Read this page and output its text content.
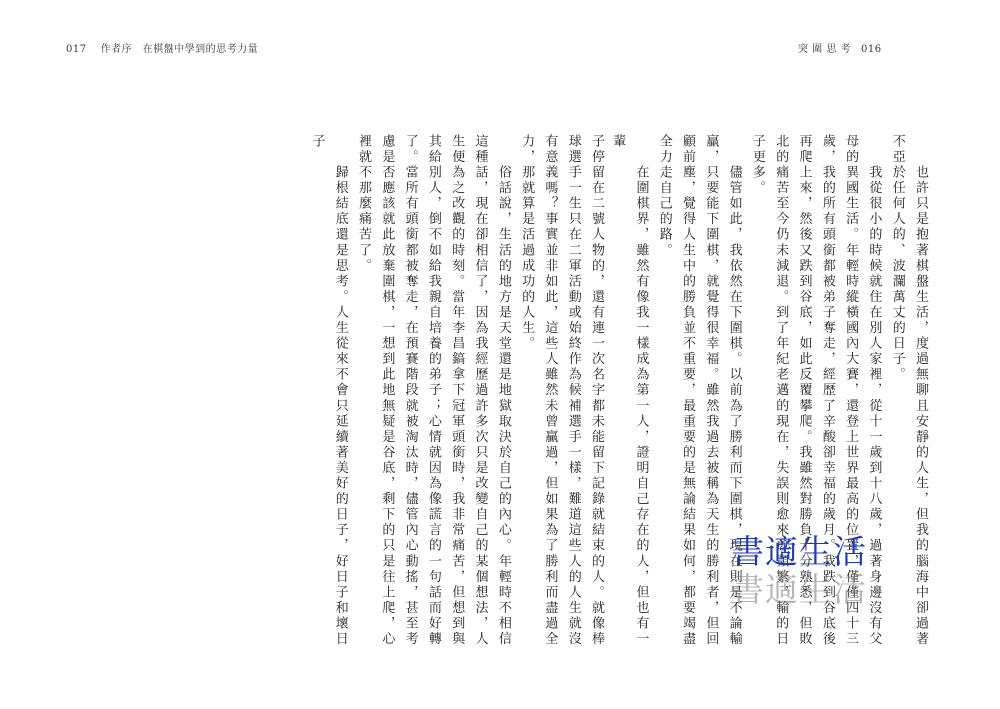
017 作者序　在棋盤中學到的思考力量	突 圍 思 考 016

　　也許只是抱著棋盤生活，度過無聊且安靜的人生，但我的腦海中卻過著不亞於任何人的、波瀾萬丈的日子。

　　我從很小的時候就住在別人家裡，從十一歲到十八歲，過著身邊沒有父母的異國生活。年輕時縱橫國內大賽，還登上世界最高的位置，僅僅四十三歲，我的所有頭銜都被弟子奪走，經歷了辛酸卻幸福的歲月。我跌到谷底後再爬上來，然後又跌到谷底，如此反覆攀爬。我雖然對勝負十分熟悉，但敗北的痛苦至今仍未減退。到了年紀老邁的現在，失誤則愈來愈頻繁，輸的日子更多。

　　儘管如此，我依然在下圍棋。以前為了勝利而下圍棋，現在則是不論輸贏，只要能下圍棋，就覺得很幸福。雖然我過去被稱為天生的勝利者，但回顧前塵，覺得人生中的勝負並不重要，最重要的是無論結果如何，都要竭盡全力走自己的路。

　　在圍棋界，雖然有像我一樣成為第一人，證明自己存在的人，但也有一輩

子停留在二號人物的，還有連一次名字都未能留下記錄就結束的人。就像棒球選手一生只在二軍活動或始終作為候補選手一樣，難道這些人的人生就沒有意義嗎？事實並非如此，這些人雖然未曾贏過，但如果為了勝利而盡過全力，那就算是活過成功的人生。

　　俗話說，生活的地方是天堂還是地獄取決於自己的內心。年輕時不相信這種話，現在卻相信了，因為我經歷過許多次只是改變自己的某個想法，人生便為之改觀的時刻。當年李昌鎬拿下冠軍頭銜時，我非常痛苦，但想到與其給別人，倒不如給我親自培養的弟子；心情就因為像謊言的一句話而好轉了。當所有頭銜都被奪走，在預賽階段就被淘汰時，儘管內心動搖，甚至考慮是否應該就此放棄圍棋，一想到此地無疑是谷底，剩下的只是往上爬，心裡就不那麼痛苦了。

　　歸根結底還是思考。人生從來不會只延續著美好的日子，好日子和壞日子

書適生活
書適生活
